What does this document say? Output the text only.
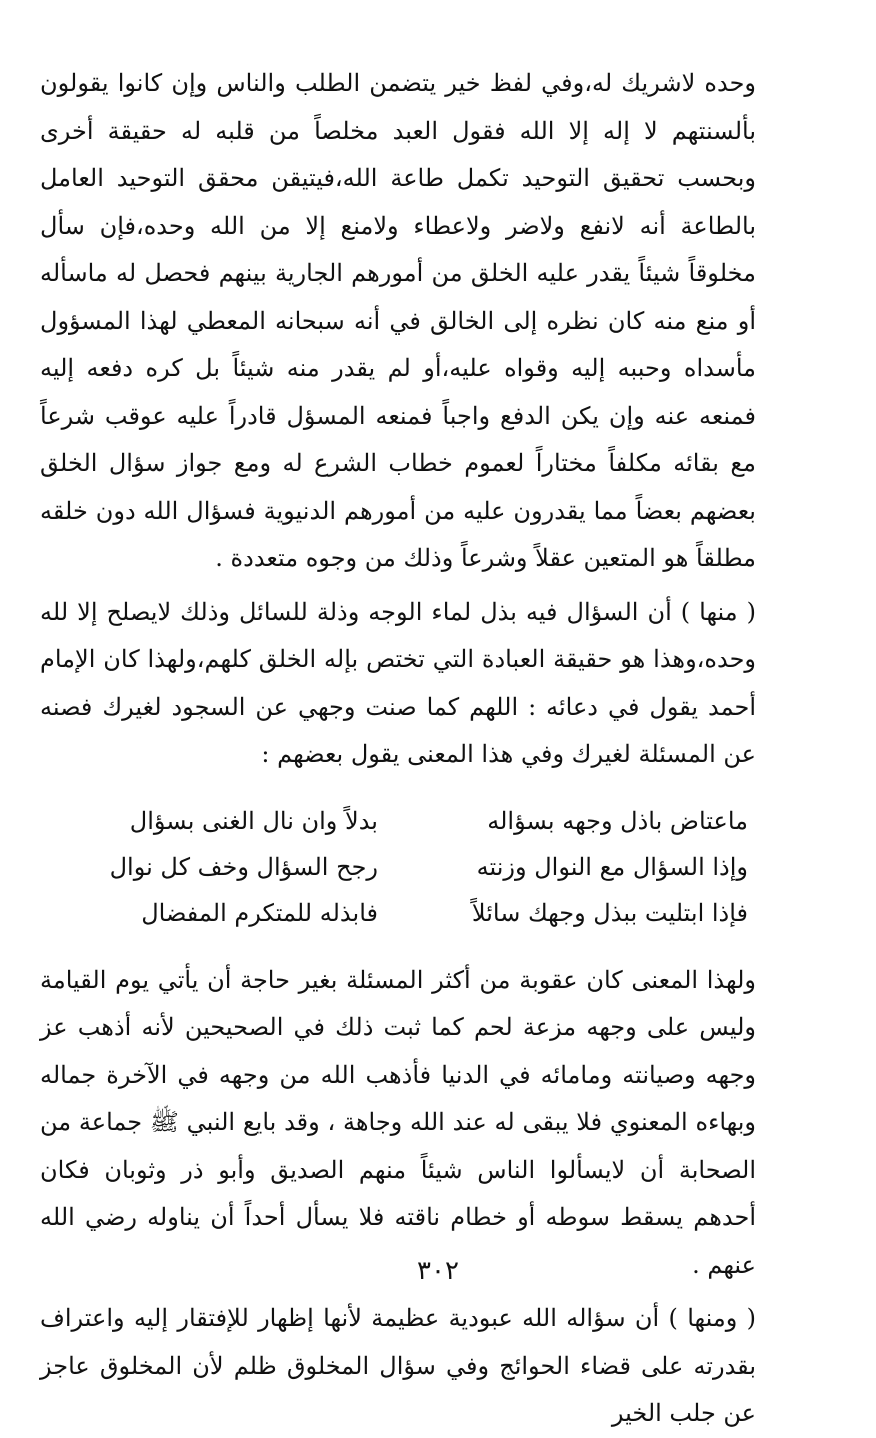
وحده لاشريك له،وفي لفظ خير يتضمن الطلب والناس وإن كانوا يقولون بألسنتهم لا إله إلا الله فقول العبد مخلصاً من قلبه له حقيقة أخرى وبحسب تحقيق التوحيد تكمل طاعة الله،فيتيقن محقق التوحيد العامل بالطاعة أنه لانفع ولاضر ولاعطاء ولامنع إلا من الله وحده،فإن سأل مخلوقاً شيئاً يقدر عليه الخلق من أمورهم الجارية بينهم فحصل له ماسأله أو منع منه كان نظره إلى الخالق في أنه سبحانه المعطي لهذا المسؤول مأسداه وحببه إليه وقواه عليه،أو لم يقدر منه شيئاً بل كره دفعه إليه فمنعه عنه وإن يكن الدفع واجباً فمنعه المسؤل قادراً عليه عوقب شرعاً مع بقائه مكلفاً مختاراً لعموم خطاب الشرع له ومع جواز سؤال الخلق بعضهم بعضاً مما يقدرون عليه من أمورهم الدنيوية فسؤال الله دون خلقه مطلقاً هو المتعين عقلاً وشرعاً وذلك من وجوه متعددة .

( منها ) أن السؤال فيه بذل لماء الوجه وذلة للسائل وذلك لايصلح إلا لله وحده،وهذا هو حقيقة العبادة التي تختص بإله الخلق كلهم،ولهذا كان الإمام أحمد يقول في دعائه : اللهم كما صنت وجهي عن السجود لغيرك فصنه عن المسئلة لغيرك وفي هذا المعنى يقول بعضهم :

ماعتاض باذل وجهه بسؤاله
بدلاً وان نال الغنى بسؤال
وإذا السؤال مع النوال وزنته
رجح السؤال وخف كل نوال
فإذا ابتليت ببذل وجهك سائلاً
فابذله للمتكرم المفضال

ولهذا المعنى كان عقوبة من أكثر المسئلة بغير حاجة أن يأتي يوم القيامة وليس على وجهه مزعة لحم كما ثبت ذلك في الصحيحين لأنه أذهب عز وجهه وصيانته ومامائه في الدنيا فأذهب الله من وجهه في الآخرة جماله وبهاءه المعنوي فلا يبقى له عند الله وجاهة ، وقد بايع النبي ﷺ جماعة من الصحابة أن لايسألوا الناس شيئاً منهم الصديق وأبو ذر وثوبان فكان أحدهم يسقط سوطه أو خطام ناقته فلا يسأل أحداً أن يناوله رضي الله عنهم .

( ومنها ) أن سؤاله الله عبودية عظيمة لأنها إظهار للإفتقار إليه واعتراف بقدرته على قضاء الحوائج وفي سؤال المخلوق ظلم لأن المخلوق عاجز عن جلب الخير

٣٠٢
